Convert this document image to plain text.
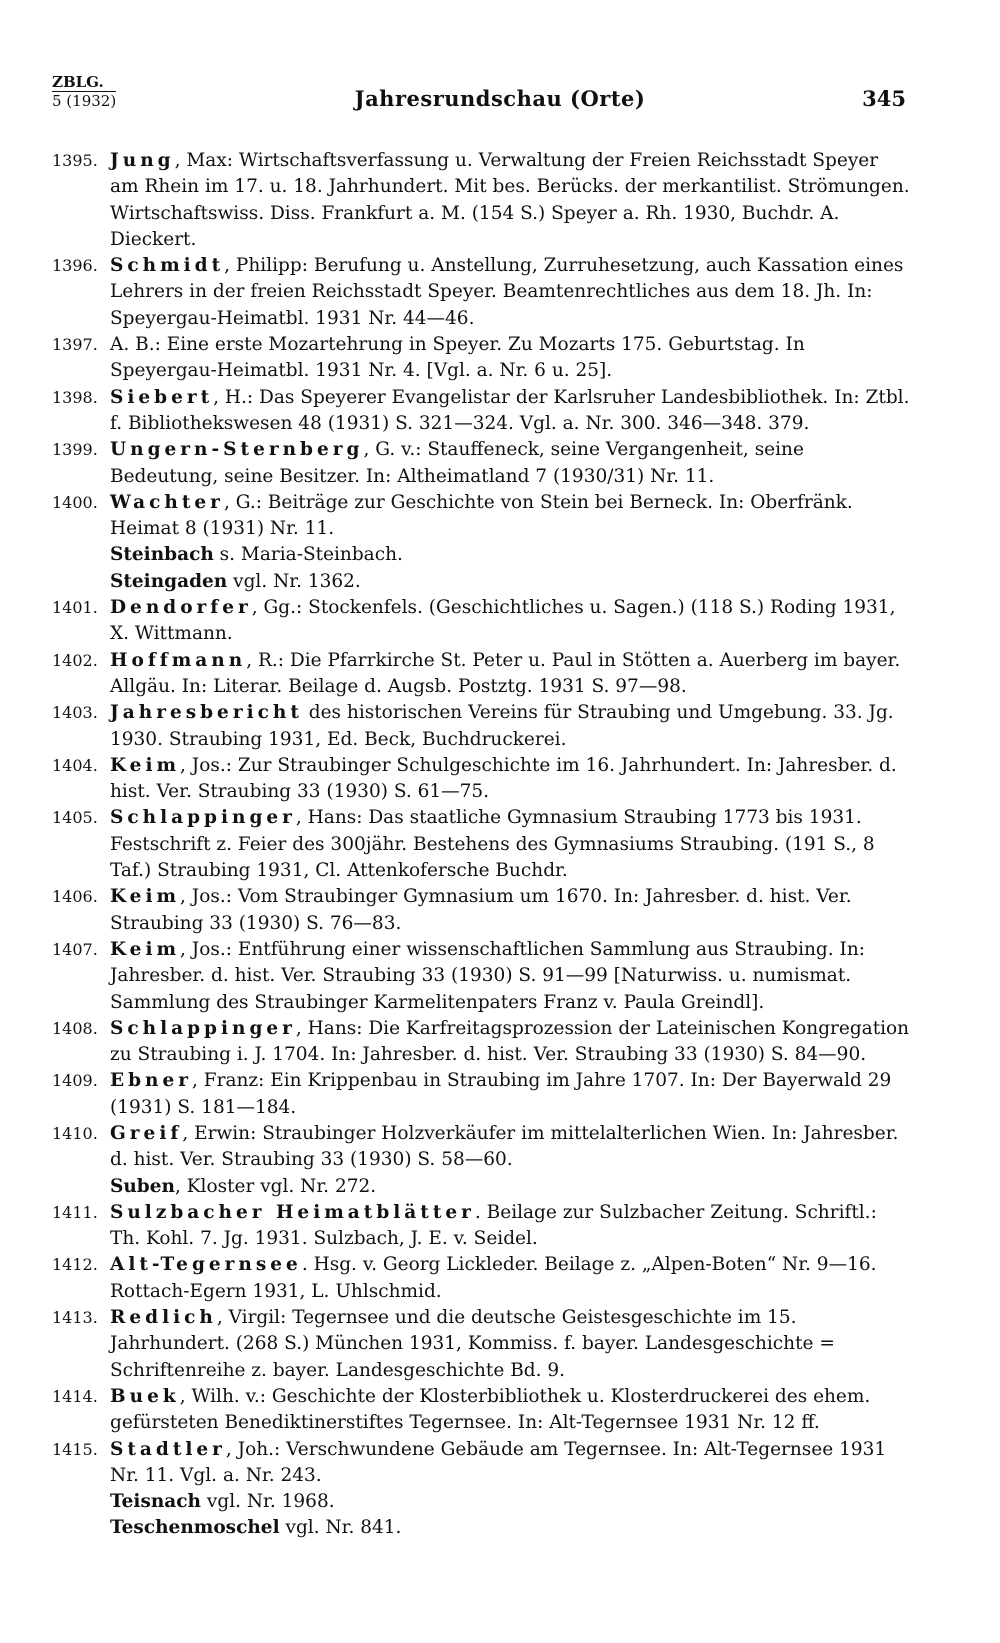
ZBLG.
5 (1932)	Jahresrundschau (Orte)	345

1395. Jung, Max: Wirtschaftsverfassung u. Verwaltung der Freien Reichsstadt Speyer am Rhein im 17. u. 18. Jahrhundert. Mit bes. Berücks. der merkantilist. Strömungen. Wirtschaftswiss. Diss. Frankfurt a. M. (154 S.) Speyer a. Rh. 1930, Buchdr. A. Dieckert.

1396. Schmidt, Philipp: Berufung u. Anstellung, Zurruhesetzung, auch Kassation eines Lehrers in der freien Reichsstadt Speyer. Beamtenrechtliches aus dem 18. Jh. In: Speyergau-Heimatbl. 1931 Nr. 44—46.

1397. A. B.: Eine erste Mozartehrung in Speyer. Zu Mozarts 175. Geburtstag. In Speyergau-Heimatbl. 1931 Nr. 4. [Vgl. a. Nr. 6 u. 25].

1398. Siebert, H.: Das Speyerer Evangelistar der Karlsruher Landesbibliothek. In: Ztbl. f. Bibliothekswesen 48 (1931) S. 321—324. Vgl. a. Nr. 300. 346—348. 379.

1399. Ungern-Sternberg, G. v.: Stauffeneck, seine Vergangenheit, seine Bedeutung, seine Besitzer. In: Altheimatland 7 (1930/31) Nr. 11.

1400. Wachter, G.: Beiträge zur Geschichte von Stein bei Berneck. In: Oberfränk. Heimat 8 (1931) Nr. 11.

Steinbach s. Maria-Steinbach.
Steingaden vgl. Nr. 1362.

1401. Dendorfer, Gg.: Stockenfels. (Geschichtliches u. Sagen.) (118 S.) Roding 1931, X. Wittmann.

1402. Hoffmann, R.: Die Pfarrkirche St. Peter u. Paul in Stötten a. Auerberg im bayer. Allgäu. In: Literar. Beilage d. Augsb. Postztg. 1931 S. 97—98.

1403. Jahresbericht des historischen Vereins für Straubing und Umgebung. 33. Jg. 1930. Straubing 1931, Ed. Beck, Buchdruckerei.

1404. Keim, Jos.: Zur Straubinger Schulgeschichte im 16. Jahrhundert. In: Jahresber. d. hist. Ver. Straubing 33 (1930) S. 61—75.

1405. Schlappinger, Hans: Das staatliche Gymnasium Straubing 1773 bis 1931. Festschrift z. Feier des 300jähr. Bestehens des Gymnasiums Straubing. (191 S., 8 Taf.) Straubing 1931, Cl. Attenkofersche Buchdr.

1406. Keim, Jos.: Vom Straubinger Gymnasium um 1670. In: Jahresber. d. hist. Ver. Straubing 33 (1930) S. 76—83.

1407. Keim, Jos.: Entführung einer wissenschaftlichen Sammlung aus Straubing. In: Jahresber. d. hist. Ver. Straubing 33 (1930) S. 91—99 [Naturwiss. u. numismat. Sammlung des Straubinger Karmelitenpaters Franz v. Paula Greindl].

1408. Schlappinger, Hans: Die Karfreitagsprozession der Lateinischen Kongregation zu Straubing i. J. 1704. In: Jahresber. d. hist. Ver. Straubing 33 (1930) S. 84—90.

1409. Ebner, Franz: Ein Krippenbau in Straubing im Jahre 1707. In: Der Bayerwald 29 (1931) S. 181—184.

1410. Greif, Erwin: Straubinger Holzverkäufer im mittelalterlichen Wien. In: Jahresber. d. hist. Ver. Straubing 33 (1930) S. 58—60.

Suben, Kloster vgl. Nr. 272.

1411. Sulzbacher Heimatblätter. Beilage zur Sulzbacher Zeitung. Schriftl.: Th. Kohl. 7. Jg. 1931. Sulzbach, J. E. v. Seidel.

1412. Alt-Tegernsee. Hsg. v. Georg Lickleder. Beilage z. „Alpen-Boten“ Nr. 9—16. Rottach-Egern 1931, L. Uhlschmid.

1413. Redlich, Virgil: Tegernsee und die deutsche Geistesgeschichte im 15. Jahrhundert. (268 S.) München 1931, Kommiss. f. bayer. Landesgeschichte = Schriftenreihe z. bayer. Landesgeschichte Bd. 9.

1414. Buek, Wilh. v.: Geschichte der Klosterbibliothek u. Klosterdruckerei des ehem. gefürsteten Benediktinerstiftes Tegernsee. In: Alt-Tegernsee 1931 Nr. 12 ff.

1415. Stadtler, Joh.: Verschwundene Gebäude am Tegernsee. In: Alt-Tegernsee 1931 Nr. 11. Vgl. a. Nr. 243.

Teisnach vgl. Nr. 1968.
Teschenmoschel vgl. Nr. 841.
